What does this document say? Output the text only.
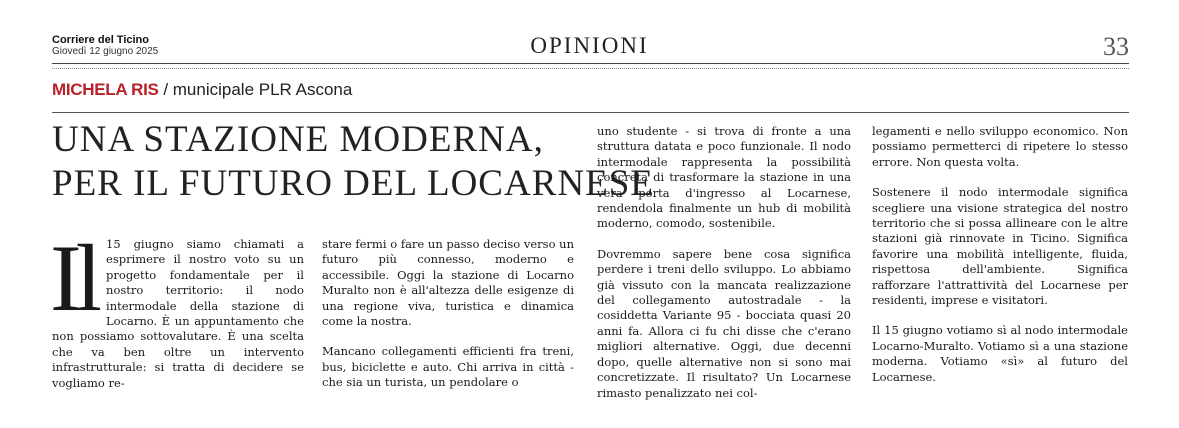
Corriere del Ticino
Giovedì 12 giugno 2025	OPINIONI	33
MICHELA RIS / municipale PLR Ascona
UNA STAZIONE MODERNA,
PER IL FUTURO DEL LOCARNESE

Il 15 giugno siamo chiamati a esprimere il nostro voto su un progetto fondamentale per il nostro territorio: il nodo intermodale della stazione di Locarno. È un appuntamento che non possiamo sottovalutare. È una scelta che va ben oltre un intervento infrastrutturale: si tratta di decidere se vogliamo re-

stare fermi o fare un passo deciso verso un futuro più connesso, moderno e accessibile. Oggi la stazione di Locarno Muralto non è all'altezza delle esigenze di una regione viva, turistica e dinamica come la nostra.

Mancano collegamenti efficienti fra treni, bus, biciclette e auto. Chi arriva in città - che sia un turista, un pendolare o

uno studente - si trova di fronte a una struttura datata e poco funzionale. Il nodo intermodale rappresenta la possibilità concreta di trasformare la stazione in una vera porta d'ingresso al Locarnese, rendendola finalmente un hub di mobilità moderno, comodo, sostenibile.

Dovremmo sapere bene cosa significa perdere i treni dello sviluppo. Lo abbiamo già vissuto con la mancata realizzazione del collegamento autostradale - la cosiddetta Variante 95 - bocciata quasi 20 anni fa. Allora ci fu chi disse che c'erano migliori alternative. Oggi, due decenni dopo, quelle alternative non si sono mai concretizzate. Il risultato? Un Locarnese rimasto penalizzato nei col-

legamenti e nello sviluppo economico. Non possiamo permetterci di ripetere lo stesso errore. Non questa volta.

Sostenere il nodo intermodale significa scegliere una visione strategica del nostro territorio che si possa allineare con le altre stazioni già rinnovate in Ticino. Significa favorire una mobilità intelligente, fluida, rispettosa dell'ambiente. Significa rafforzare l'attrattività del Locarnese per residenti, imprese e visitatori.

Il 15 giugno votiamo sì al nodo intermodale Locarno-Muralto. Votiamo sì a una stazione moderna. Votiamo «sì» al futuro del Locarnese.
